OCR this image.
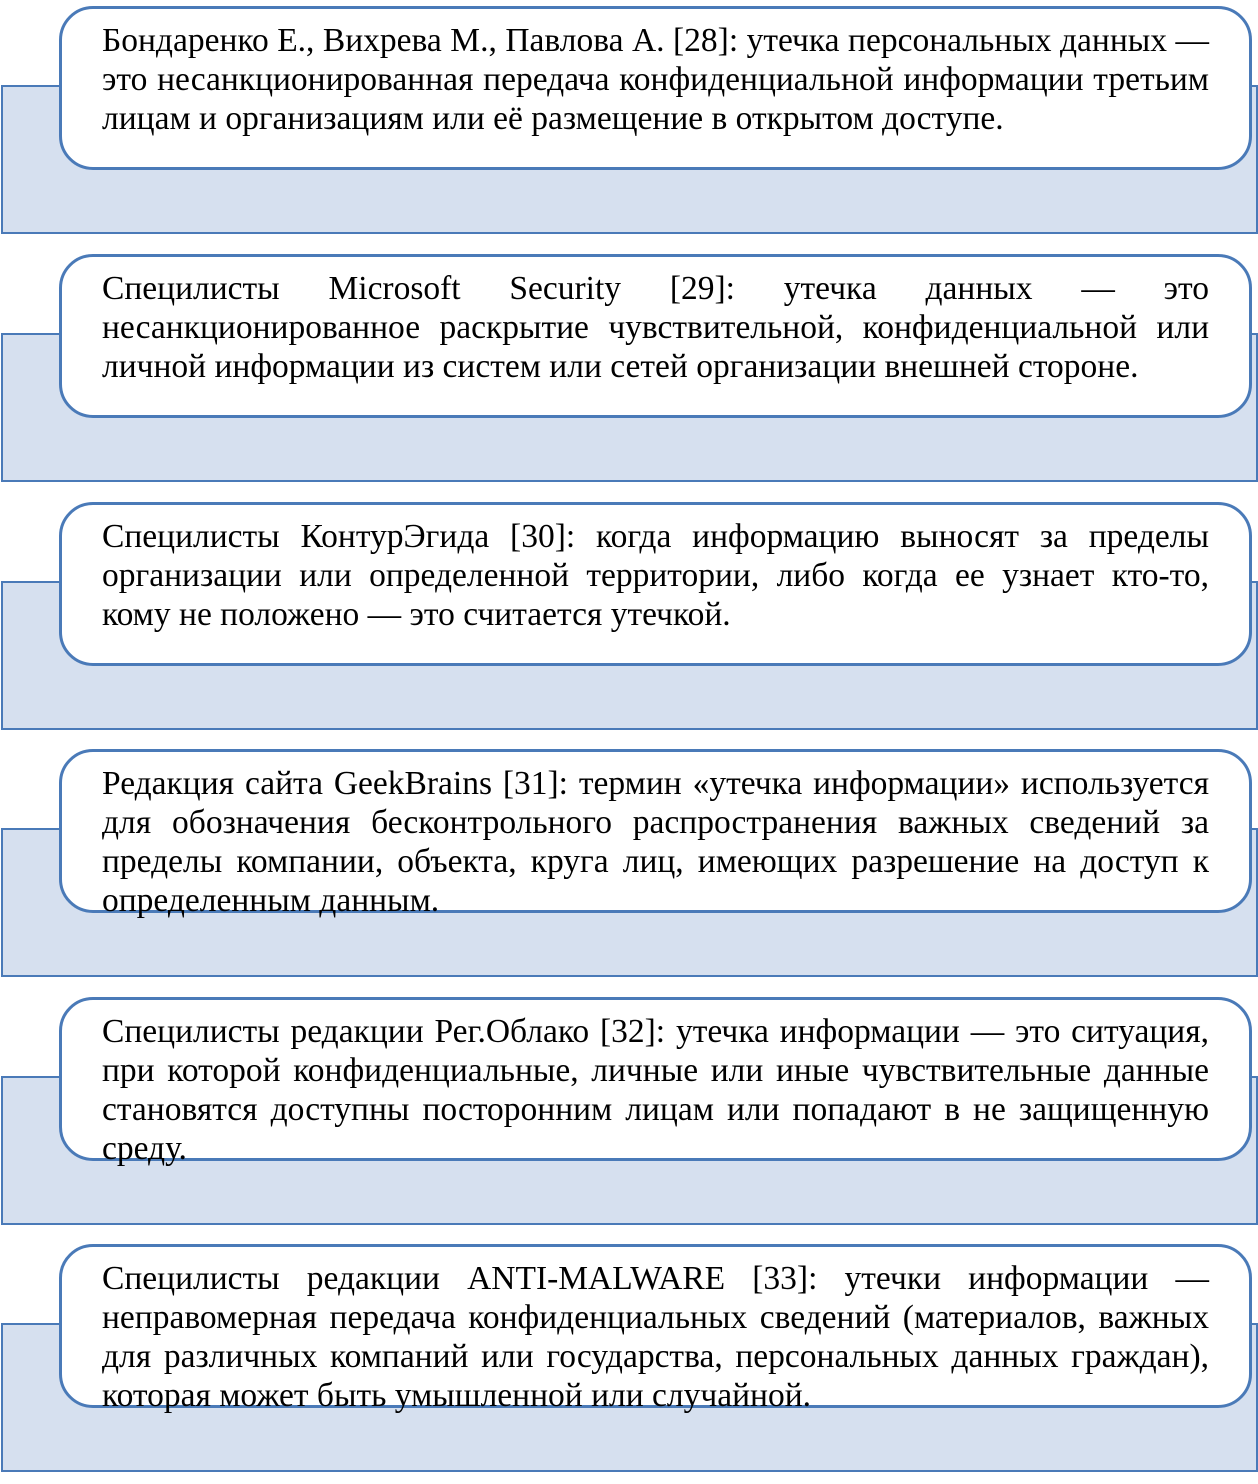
Бондаренко Е., Вихрева М., Павлова А. [28]: утечка персональных данных — это несанкционированная передача конфиденциальной информации третьим лицам и организациям или её размещение в открытом доступе.

Специлисты Microsoft Security [29]: утечка данных — это несанкционированное раскрытие чувствительной, конфиденциальной или личной информации из систем или сетей организации внешней стороне.

Специлисты КонтурЭгида [30]: когда информацию выносят за пределы организации или определенной территории, либо когда ее узнает кто-то, кому не положено — это считается утечкой.

Редакция сайта GeekBrains [31]: термин «утечка информации» используется для обозначения бесконтрольного распространения важных сведений за пределы компании, объекта, круга лиц, имеющих разрешение на доступ к определенным данным.

Специлисты редакции Рег.Облако [32]: утечка информации — это ситуация, при которой конфиденциальные, личные или иные чувствительные данные становятся доступны посторонним лицам или попадают в не защищенную среду.

Специлисты редакции ANTI-MALWARE [33]: утечки информации — неправомерная передача конфиденциальных сведений (материалов, важных для различных компаний или государства, персональных данных граждан), которая может быть умышленной или случайной.
